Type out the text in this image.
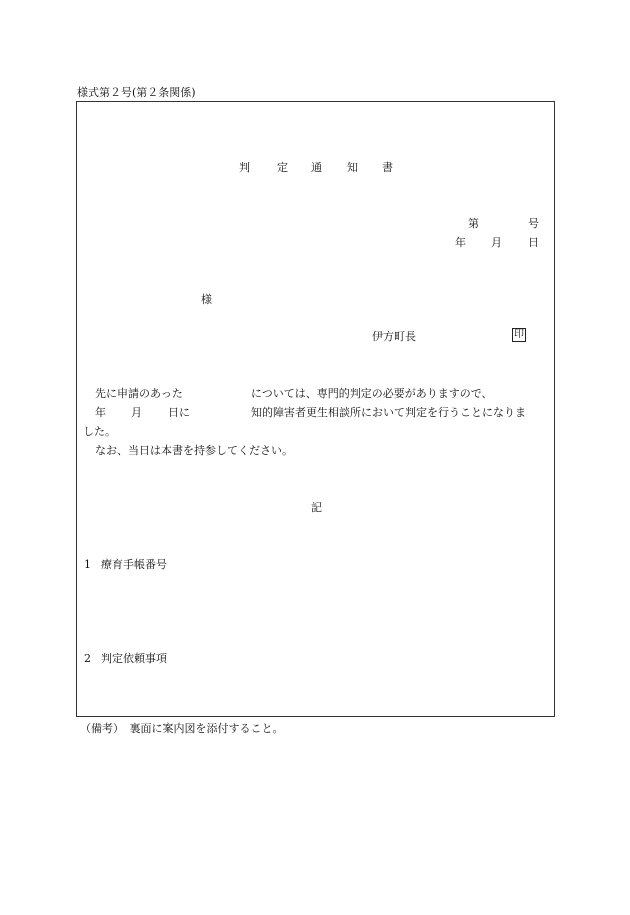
様式第２号(第２条関係)
判 定 通 知 書
第	号
年 月 日
様
伊方町長	印
先に申請のあった	については、専門的判定の必要がありますので、
年 月 日に	知的障害者更生相談所において判定を行うことになりま
した。
なお、当日は本書を持参してください。
記
1 療育手帳番号
2 判定依頼事項
（備考）　裏面に案内図を添付すること。
